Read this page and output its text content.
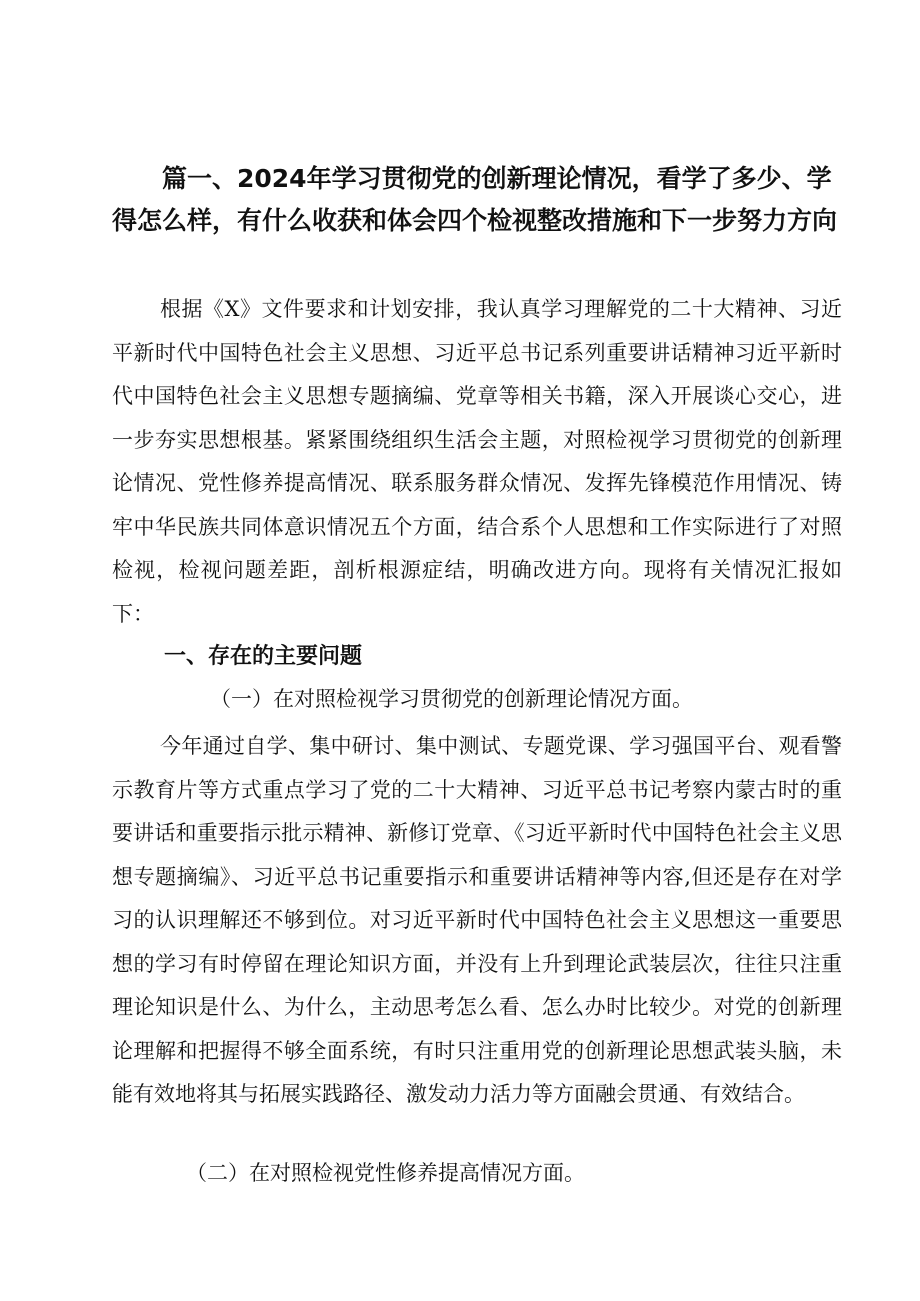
篇一、2024年学习贯彻党的创新理论情况，看学了多少、学得怎么样，有什么收获和体会四个检视整改措施和下一步努力方向

根据《X》文件要求和计划安排，我认真学习理解党的二十大精神、习近平新时代中国特色社会主义思想、习近平总书记系列重要讲话精神习近平新时代中国特色社会主义思想专题摘编、党章等相关书籍，深入开展谈心交心，进一步夯实思想根基。紧紧围绕组织生活会主题，对照检视学习贯彻党的创新理论情况、党性修养提高情况、联系服务群众情况、发挥先锋模范作用情况、铸牢中华民族共同体意识情况五个方面，结合系个人思想和工作实际进行了对照检视，检视问题差距，剖析根源症结，明确改进方向。现将有关情况汇报如下：

一、存在的主要问题

（一）在对照检视学习贯彻党的创新理论情况方面。

今年通过自学、集中研讨、集中测试、专题党课、学习强国平台、观看警示教育片等方式重点学习了党的二十大精神、习近平总书记考察内蒙古时的重要讲话和重要指示批示精神、新修订党章、《习近平新时代中国特色社会主义思想专题摘编》、习近平总书记重要指示和重要讲话精神等内容,但还是存在对学习的认识理解还不够到位。对习近平新时代中国特色社会主义思想这一重要思想的学习有时停留在理论知识方面，并没有上升到理论武装层次，往往只注重理论知识是什么、为什么，主动思考怎么看、怎么办时比较少。对党的创新理论理解和把握得不够全面系统，有时只注重用党的创新理论思想武装头脑，未能有效地将其与拓展实践路径、激发动力活力等方面融会贯通、有效结合。

（二）在对照检视党性修养提高情况方面。
